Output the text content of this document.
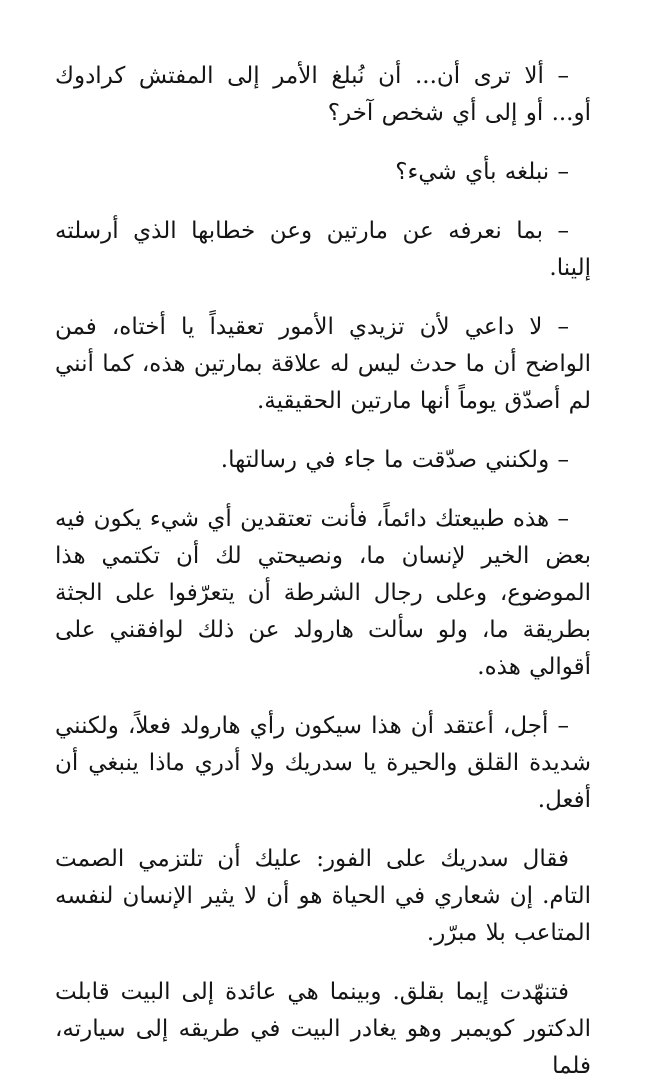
– ألا ترى أن... أن نُبلغ الأمر إلى المفتش كرادوك أو... أو إلى أي شخص آخر؟

– نبلغه بأي شيء؟

– بما نعرفه عن مارتين وعن خطابها الذي أرسلته إلينا.

– لا داعي لأن تزيدي الأمور تعقيداً يا أختاه، فمن الواضح أن ما حدث ليس له علاقة بمارتين هذه، كما أنني لم أصدّق يوماً أنها مارتين الحقيقية.

– ولكنني صدّقت ما جاء في رسالتها.

– هذه طبيعتك دائماً، فأنت تعتقدين أي شيء يكون فيه بعض الخير لإنسان ما، ونصيحتي لك أن تكتمي هذا الموضوع، وعلى رجال الشرطة أن يتعرّفوا على الجثة بطريقة ما، ولو سألت هارولد عن ذلك لوافقني على أقوالي هذه.

– أجل، أعتقد أن هذا سيكون رأي هارولد فعلاً، ولكنني شديدة القلق والحيرة يا سدريك ولا أدري ماذا ينبغي أن أفعل.

فقال سدريك على الفور: عليك أن تلتزمي الصمت التام. إن شعاري في الحياة هو أن لا يثير الإنسان لنفسه المتاعب بلا مبرّر.

فتنهّدت إيما بقلق. وبينما هي عائدة إلى البيت قابلت الدكتور كويمبر وهو يغادر البيت في طريقه إلى سيارته، فلما
